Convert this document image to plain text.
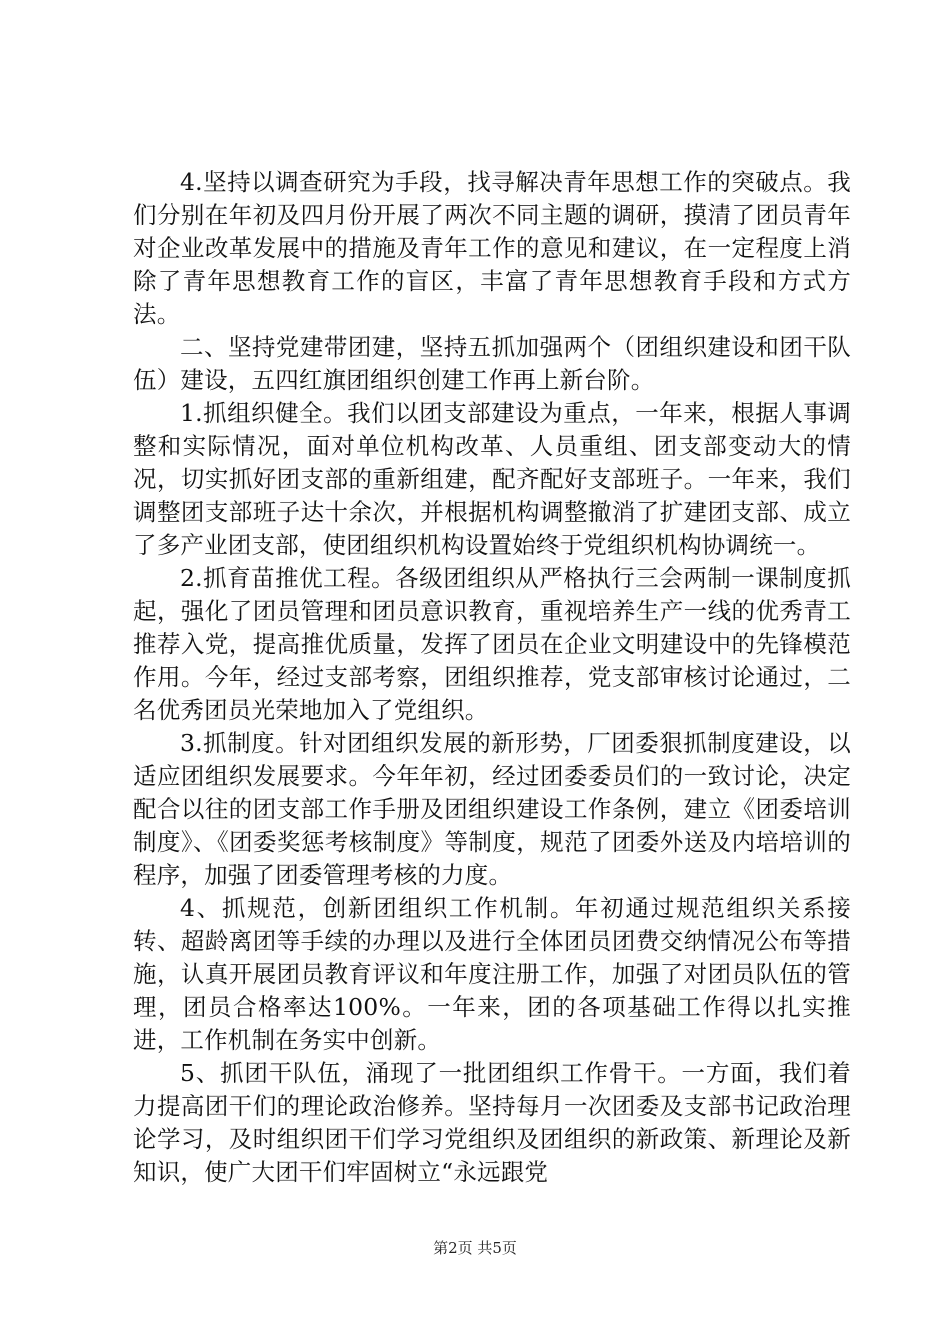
4.坚持以调查研究为手段，找寻解决青年思想工作的突破点。我们分别在年初及四月份开展了两次不同主题的调研，摸清了团员青年对企业改革发展中的措施及青年工作的意见和建议，在一定程度上消除了青年思想教育工作的盲区，丰富了青年思想教育手段和方式方法。

二、坚持党建带团建，坚持五抓加强两个（团组织建设和团干队伍）建设，五四红旗团组织创建工作再上新台阶。

1.抓组织健全。我们以团支部建设为重点，一年来，根据人事调整和实际情况，面对单位机构改革、人员重组、团支部变动大的情况，切实抓好团支部的重新组建，配齐配好支部班子。一年来，我们调整团支部班子达十余次，并根据机构调整撤消了扩建团支部、成立了多产业团支部，使团组织机构设置始终于党组织机构协调统一。

2.抓育苗推优工程。各级团组织从严格执行三会两制一课制度抓起，强化了团员管理和团员意识教育，重视培养生产一线的优秀青工推荐入党，提高推优质量，发挥了团员在企业文明建设中的先锋模范作用。今年，经过支部考察，团组织推荐，党支部审核讨论通过，二名优秀团员光荣地加入了党组织。

3.抓制度。针对团组织发展的新形势，厂团委狠抓制度建设，以适应团组织发展要求。今年年初，经过团委委员们的一致讨论，决定配合以往的团支部工作手册及团组织建设工作条例，建立《团委培训制度》、《团委奖惩考核制度》等制度，规范了团委外送及内培培训的程序，加强了团委管理考核的力度。

4、抓规范，创新团组织工作机制。年初通过规范组织关系接转、超龄离团等手续的办理以及进行全体团员团费交纳情况公布等措施，认真开展团员教育评议和年度注册工作，加强了对团员队伍的管理，团员合格率达100%。一年来，团的各项基础工作得以扎实推进，工作机制在务实中创新。

5、抓团干队伍，涌现了一批团组织工作骨干。一方面，我们着力提高团干们的理论政治修养。坚持每月一次团委及支部书记政治理论学习，及时组织团干们学习党组织及团组织的新政策、新理论及新知识，使广大团干们牢固树立“永远跟党

第2页 共5页
